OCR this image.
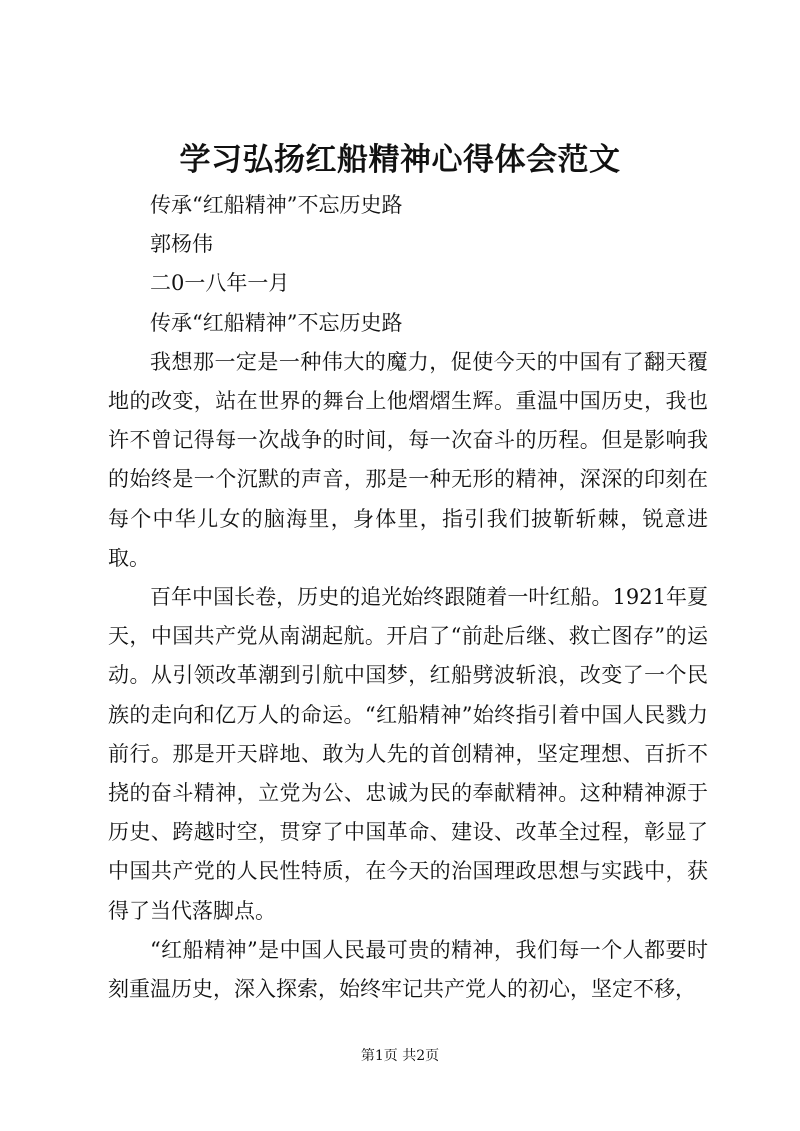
学习弘扬红船精神心得体会范文

传承“红船精神”不忘历史路

郭杨伟

二0一八年一月

传承“红船精神”不忘历史路

我想那一定是一种伟大的魔力，促使今天的中国有了翻天覆地的改变，站在世界的舞台上他熠熠生辉。重温中国历史，我也许不曾记得每一次战争的时间，每一次奋斗的历程。但是影响我的始终是一个沉默的声音，那是一种无形的精神，深深的印刻在每个中华儿女的脑海里，身体里，指引我们披靳斩棘，锐意进取。

百年中国长卷，历史的追光始终跟随着一叶红船。1921年夏天，中国共产党从南湖起航。开启了“前赴后继、救亡图存”的运动。从引领改革潮到引航中国梦，红船劈波斩浪，改变了一个民族的走向和亿万人的命运。“红船精神”始终指引着中国人民戮力前行。那是开天辟地、敢为人先的首创精神，坚定理想、百折不挠的奋斗精神，立党为公、忠诚为民的奉献精神。这种精神源于历史、跨越时空，贯穿了中国革命、建设、改革全过程，彰显了中国共产党的人民性特质，在今天的治国理政思想与实践中，获得了当代落脚点。

“红船精神”是中国人民最可贵的精神，我们每一个人都要时刻重温历史，深入探索，始终牢记共产党人的初心，坚定不移，

第1页 共2页
